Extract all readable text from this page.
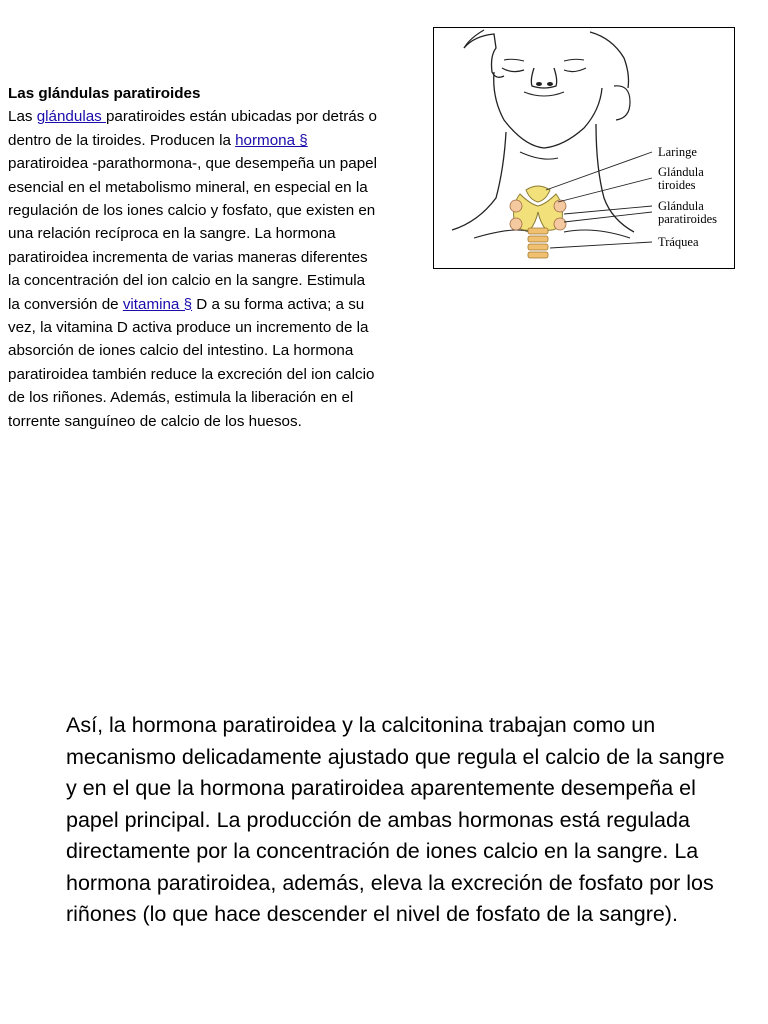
Las glándulas paratiroides
Las glándulas paratiroides están ubicadas por detrás o dentro de la tiroides. Producen la hormona § paratiroidea -parathormona-, que desempeña un papel esencial en el metabolismo mineral, en especial en la regulación de los iones calcio y fosfato, que existen en una relación recíproca en la sangre. La hormona paratiroidea incrementa de varias maneras diferentes la concentración del ion calcio en la sangre. Estimula la conversión de vitamina § D a su forma activa; a su vez, la vitamina D activa produce un incremento de la absorción de iones calcio del intestino. La hormona paratiroidea también reduce la excreción del ion calcio de los riñones. Además, estimula la liberación en el torrente sanguíneo de calcio de los huesos.
Laringe
Glándula
tiroides
Glándula
paratiroides
Tráquea
Así, la hormona paratiroidea y la calcitonina trabajan como un mecanismo delicadamente ajustado que regula el calcio de la sangre y en el que la hormona paratiroidea aparentemente desempeña el papel principal. La producción de ambas hormonas está regulada directamente por la concentración de iones calcio en la sangre. La hormona paratiroidea, además, eleva la excreción de fosfato por los riñones (lo que hace descender el nivel de fosfato de la sangre).
